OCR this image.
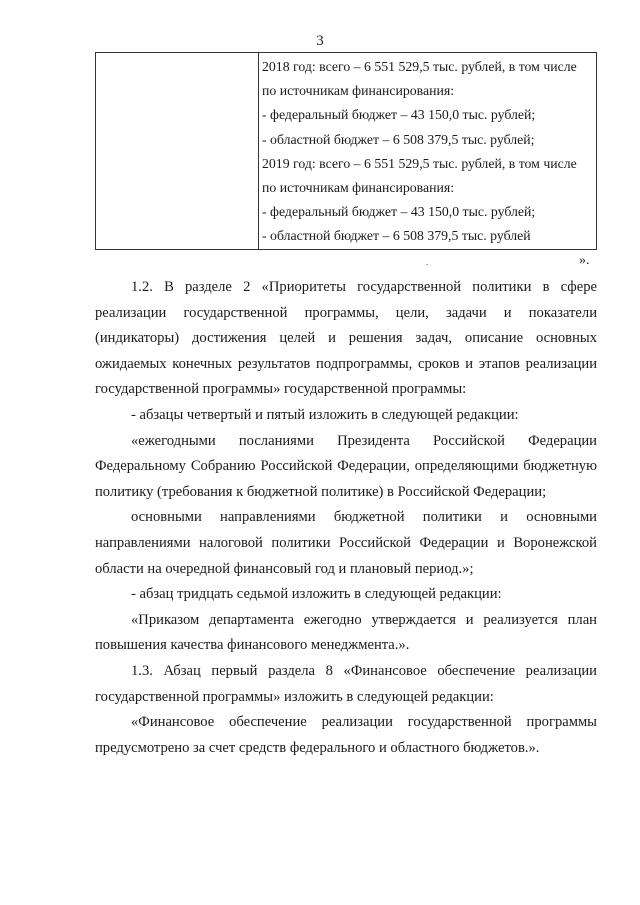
3

2018 год: всего – 6 551 529,5 тыс. рублей, в том числе
по источникам финансирования:
- федеральный бюджет – 43 150,0 тыс. рублей;
- областной бюджет – 6 508 379,5 тыс. рублей;
2019 год: всего – 6 551 529,5 тыс. рублей, в том числе
по источникам финансирования:
- федеральный бюджет – 43 150,0 тыс. рублей;
- областной бюджет – 6 508 379,5 тыс. рублей
.	».

1.2. В разделе 2 «Приоритеты государственной политики в сфере реализации государственной программы, цели, задачи и показатели (индикаторы) достижения целей и решения задач, описание основных ожидаемых конечных результатов подпрограммы, сроков и этапов реализации государственной программы» государственной программы:

- абзацы четвертый и пятый изложить в следующей редакции:

«ежегодными посланиями Президента Российской Федерации Федеральному Собранию Российской Федерации, определяющими бюджетную политику (требования к бюджетной политике) в Российской Федерации;

основными направлениями бюджетной политики и основными направлениями налоговой политики Российской Федерации и Воронежской области на очередной финансовый год и плановый период.»;

- абзац тридцать седьмой изложить в следующей редакции:

«Приказом департамента ежегодно утверждается и реализуется план повышения качества финансового менеджмента.».

1.3. Абзац первый раздела 8 «Финансовое обеспечение реализации государственной программы» изложить в следующей редакции:

«Финансовое обеспечение реализации государственной программы предусмотрено за счет средств федерального и областного бюджетов.».
